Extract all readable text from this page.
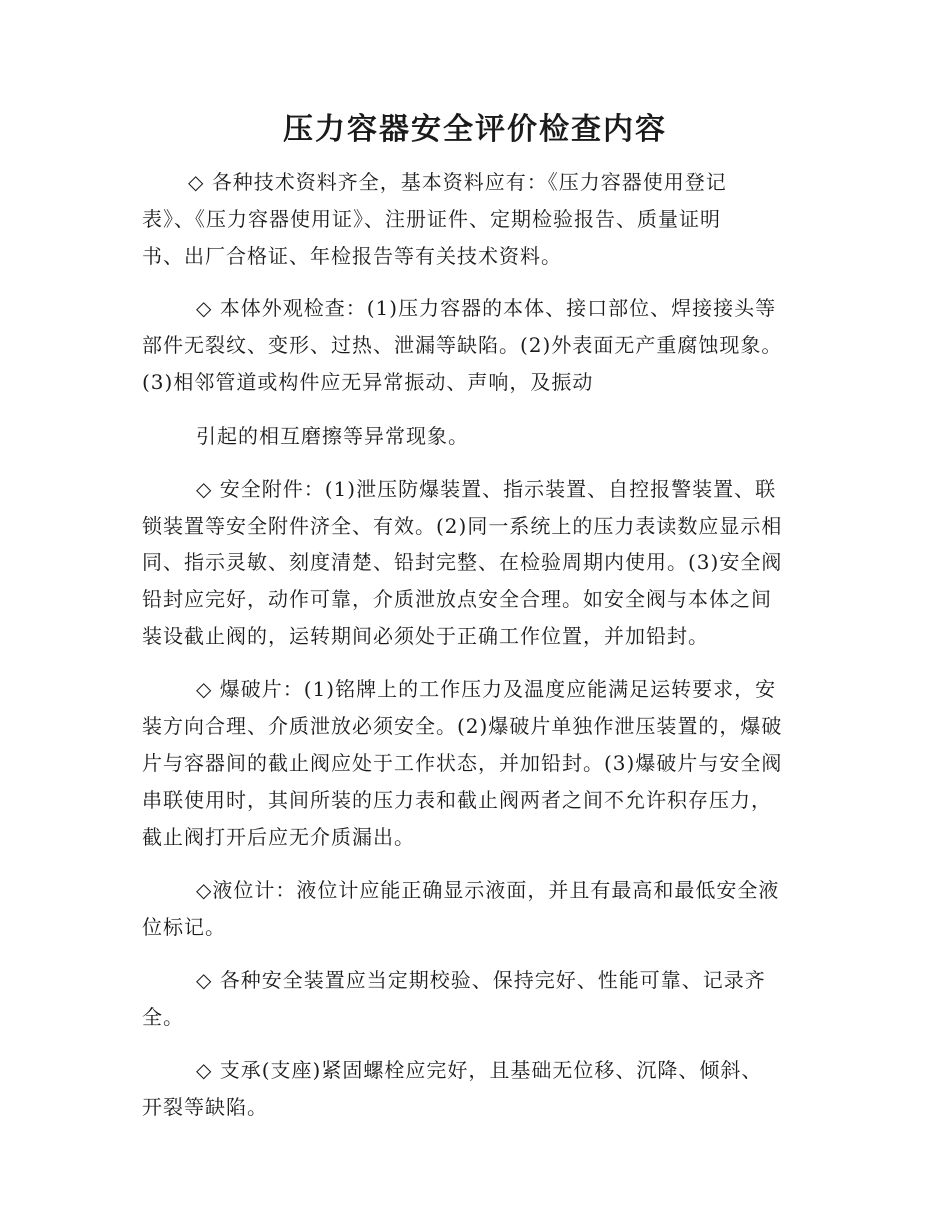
压力容器安全评价检查内容

◇ 各种技术资料齐全，基本资料应有：《压力容器使用登记

表》、《压力容器使用证》、注册证件、定期检验报告、质量证明

书、出厂合格证、年检报告等有关技术资料。

◇ 本体外观检查：(1)压力容器的本体、接口部位、焊接接头等

部件无裂纹、变形、过热、泄漏等缺陷。(2)外表面无产重腐蚀现象。

(3)相邻管道或构件应无异常振动、声响，及振动

引起的相互磨擦等异常现象。

◇ 安全附件：(1)泄压防爆装置、指示装置、自控报警装置、联

锁装置等安全附件济全、有效。(2)同一系统上的压力表读数应显示相

同、指示灵敏、刻度清楚、铅封完整、在检验周期内使用。(3)安全阀

铅封应完好，动作可靠，介质泄放点安全合理。如安全阀与本体之间

装设截止阀的，运转期间必须处于正确工作位置，并加铅封。

◇ 爆破片：(1)铭牌上的工作压力及温度应能满足运转要求，安

装方向合理、介质泄放必须安全。(2)爆破片单独作泄压装置的，爆破

片与容器间的截止阀应处于工作状态，并加铅封。(3)爆破片与安全阀

串联使用时，其间所装的压力表和截止阀两者之间不允许积存压力，

截止阀打开后应无介质漏出。

◇液位计：液位计应能正确显示液面，并且有最高和最低安全液

位标记。

◇ 各种安全装置应当定期校验、保持完好、性能可靠、记录齐

全。

◇ 支承(支座)紧固螺栓应完好，且基础无位移、沉降、倾斜、

开裂等缺陷。
